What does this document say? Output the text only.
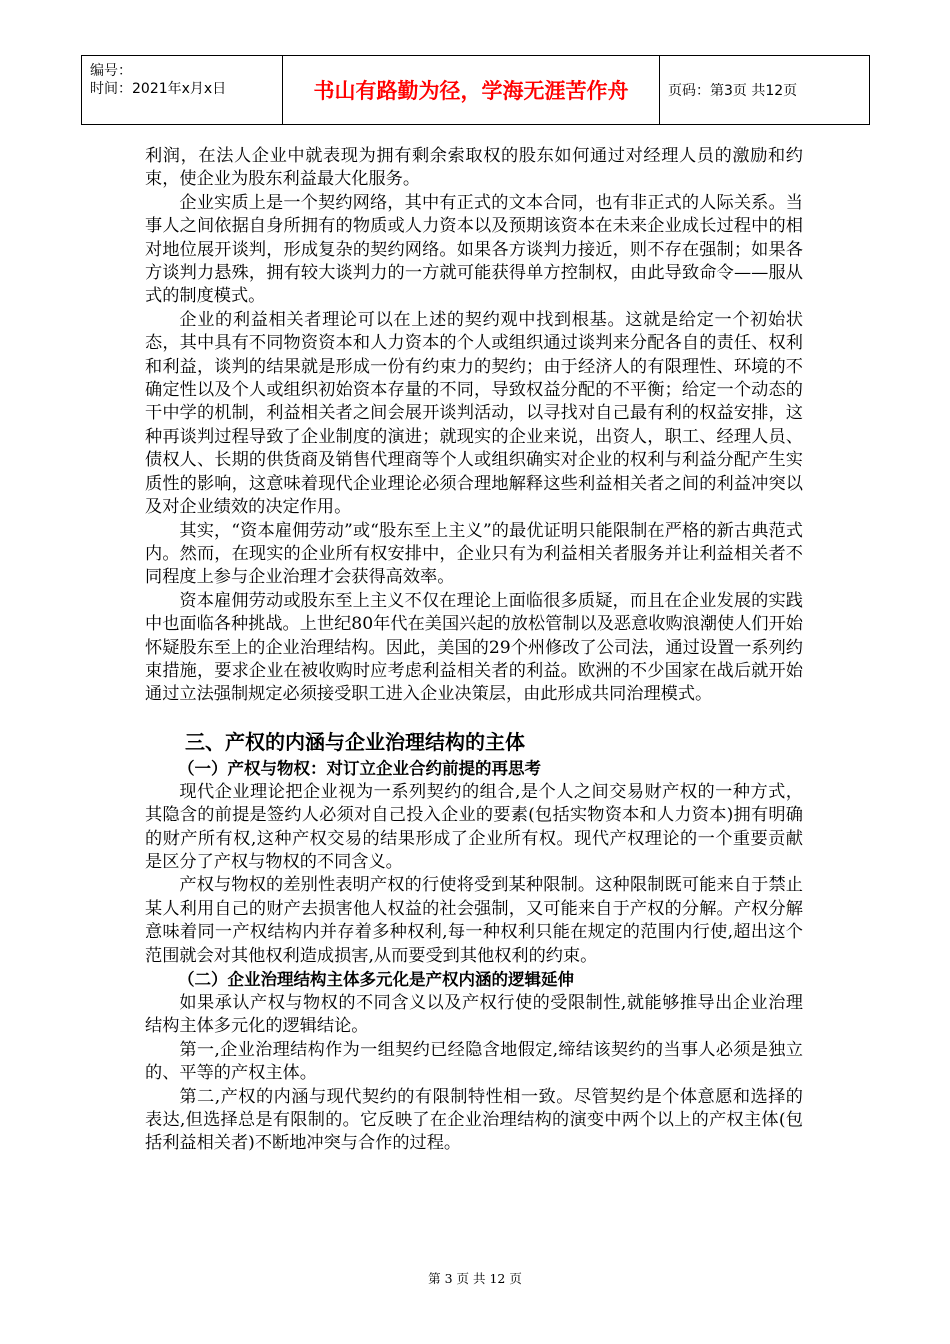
编号：
时间：2021年x月x日	书山有路勤为径，学海无涯苦作舟	页码：第3页 共12页

利润，在法人企业中就表现为拥有剩余索取权的股东如何通过对经理人员的激励和约束，使企业为股东利益最大化服务。

企业实质上是一个契约网络，其中有正式的文本合同，也有非正式的人际关系。当事人之间依据自身所拥有的物质或人力资本以及预期该资本在未来企业成长过程中的相对地位展开谈判，形成复杂的契约网络。如果各方谈判力接近，则不存在强制；如果各方谈判力悬殊，拥有较大谈判力的一方就可能获得单方控制权，由此导致命令——服从式的制度模式。

企业的利益相关者理论可以在上述的契约观中找到根基。这就是给定一个初始状态，其中具有不同物资资本和人力资本的个人或组织通过谈判来分配各自的责任、权利和利益，谈判的结果就是形成一份有约束力的契约；由于经济人的有限理性、环境的不确定性以及个人或组织初始资本存量的不同，导致权益分配的不平衡；给定一个动态的干中学的机制，利益相关者之间会展开谈判活动，以寻找对自己最有利的权益安排，这种再谈判过程导致了企业制度的演进；就现实的企业来说，出资人，职工、经理人员、债权人、长期的供货商及销售代理商等个人或组织确实对企业的权利与利益分配产生实质性的影响，这意味着现代企业理论必须合理地解释这些利益相关者之间的利益冲突以及对企业绩效的决定作用。

其实，“资本雇佣劳动”或“股东至上主义”的最优证明只能限制在严格的新古典范式内。然而，在现实的企业所有权安排中，企业只有为利益相关者服务并让利益相关者不同程度上参与企业治理才会获得高效率。

资本雇佣劳动或股东至上主义不仅在理论上面临很多质疑，而且在企业发展的实践中也面临各种挑战。上世纪80年代在美国兴起的放松管制以及恶意收购浪潮使人们开始怀疑股东至上的企业治理结构。因此，美国的29个州修改了公司法，通过设置一系列约束措施，要求企业在被收购时应考虑利益相关者的利益。欧洲的不少国家在战后就开始通过立法强制规定必须接受职工进入企业决策层，由此形成共同治理模式。

三、产权的内涵与企业治理结构的主体
（一）产权与物权：对订立企业合约前提的再思考

现代企业理论把企业视为一系列契约的组合,是个人之间交易财产权的一种方式，其隐含的前提是签约人必须对自己投入企业的要素(包括实物资本和人力资本)拥有明确的财产所有权,这种产权交易的结果形成了企业所有权。现代产权理论的一个重要贡献是区分了产权与物权的不同含义。

产权与物权的差别性表明产权的行使将受到某种限制。这种限制既可能来自于禁止某人利用自己的财产去损害他人权益的社会强制，又可能来自于产权的分解。产权分解意味着同一产权结构内并存着多种权利,每一种权利只能在规定的范围内行使,超出这个范围就会对其他权利造成损害,从而要受到其他权利的约束。

（二）企业治理结构主体多元化是产权内涵的逻辑延伸

如果承认产权与物权的不同含义以及产权行使的受限制性,就能够推导出企业治理结构主体多元化的逻辑结论。

第一,企业治理结构作为一组契约已经隐含地假定,缔结该契约的当事人必须是独立的、平等的产权主体。

第二,产权的内涵与现代契约的有限制特性相一致。尽管契约是个体意愿和选择的表达,但选择总是有限制的。它反映了在企业治理结构的演变中两个以上的产权主体(包括利益相关者)不断地冲突与合作的过程。

第 3 页 共 12 页
